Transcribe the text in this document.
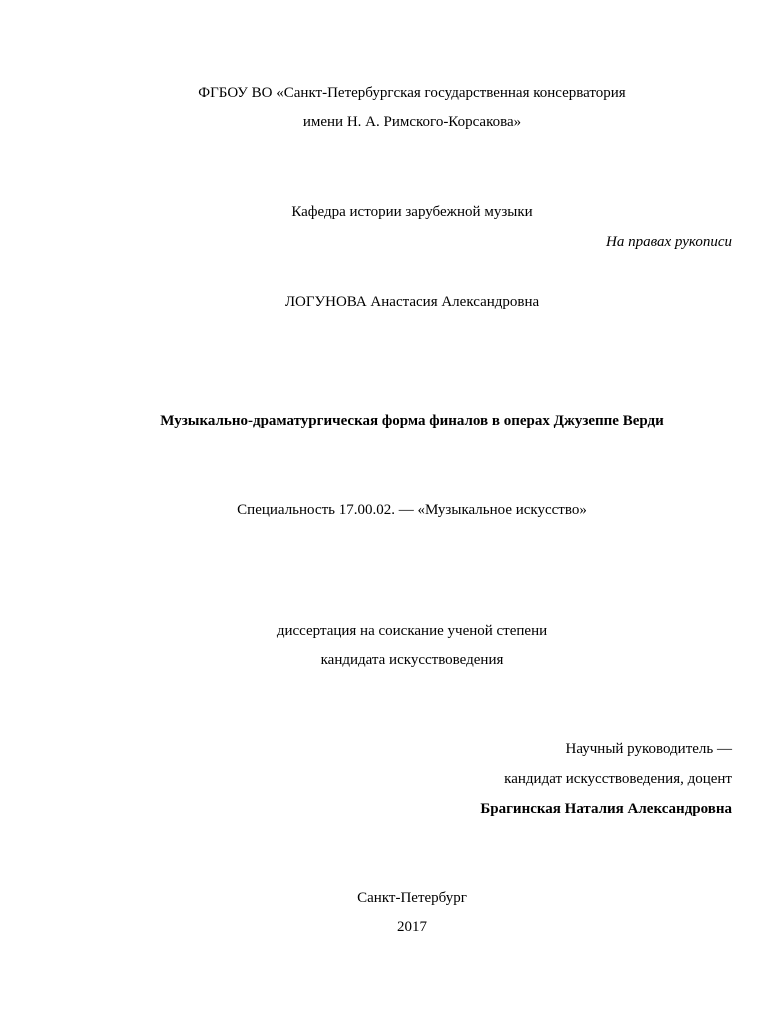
ФГБОУ ВО «Санкт-Петербургская государственная консерватория
имени Н. А. Римского-Корсакова»
Кафедра истории зарубежной музыки
На правах рукописи
ЛОГУНОВА Анастасия Александровна
Музыкально-драматургическая форма финалов в операх Джузеппе Верди
Специальность 17.00.02. — «Музыкальное искусство»
диссертация на соискание ученой степени
кандидата искусствоведения
Научный руководитель —
кандидат искусствоведения, доцент
Брагинская Наталия Александровна
Санкт-Петербург
2017
